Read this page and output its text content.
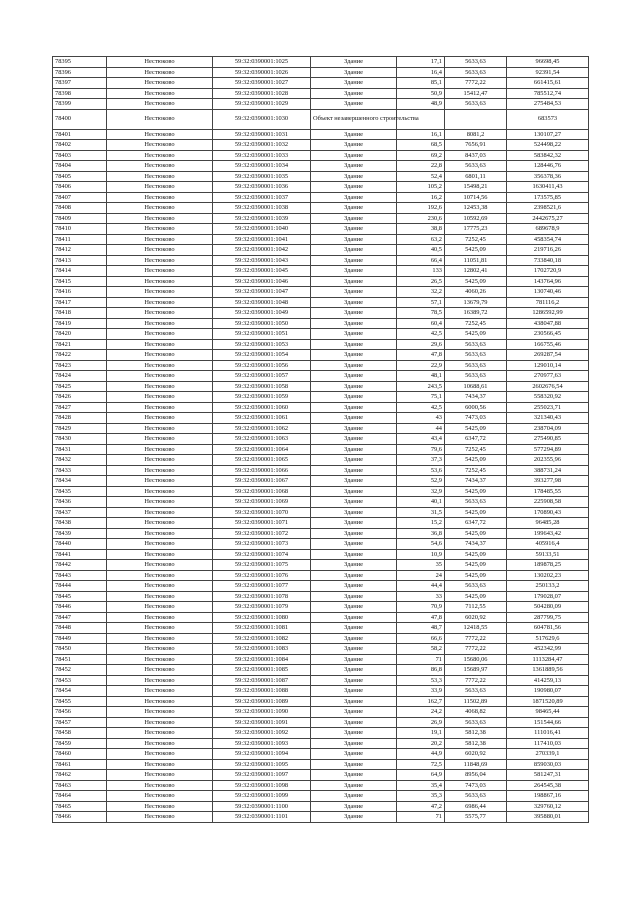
78395	Нестюково	59:32:0390001:1025	Здание	17,1	5633,63	96698,45
78396	Нестюково	59:32:0390001:1026	Здание	16,4	5633,63	92391,54
78397	Нестюково	59:32:0390001:1027	Здание	85,1	7772,22	661415,61
78398	Нестюково	59:32:0390001:1028	Здание	50,9	15412,47	785512,74
78399	Нестюково	59:32:0390001:1029	Здание	48,9	5633,63	275484,53
78400	Нестюково	59:32:0390001:1030	Объект незавершенного строительства			683573
78401	Нестюково	59:32:0390001:1031	Здание	16,1	8081,2	130107,27
78402	Нестюково	59:32:0390001:1032	Здание	68,5	7656,91	524498,22
78403	Нестюково	59:32:0390001:1033	Здание	69,2	8437,03	583842,32
78404	Нестюково	59:32:0390001:1034	Здание	22,8	5633,63	128446,76
78405	Нестюково	59:32:0390001:1035	Здание	52,4	6801,11	356378,36
78406	Нестюково	59:32:0390001:1036	Здание	105,2	15498,21	1630411,43
78407	Нестюково	59:32:0390001:1037	Здание	16,2	10714,56	173575,85
78408	Нестюково	59:32:0390001:1038	Здание	192,6	12453,38	2398521,6
78409	Нестюково	59:32:0390001:1039	Здание	230,6	10592,69	2442675,27
78410	Нестюково	59:32:0390001:1040	Здание	38,8	17775,23	689678,9
78411	Нестюково	59:32:0390001:1041	Здание	63,2	7252,45	458354,74
78412	Нестюково	59:32:0390001:1042	Здание	40,5	5425,09	219716,26
78413	Нестюково	59:32:0390001:1043	Здание	66,4	11051,81	733840,18
78414	Нестюково	59:32:0390001:1045	Здание	133	12802,41	1702720,9
78415	Нестюково	59:32:0390001:1046	Здание	26,5	5425,09	143764,96
78416	Нестюково	59:32:0390001:1047	Здание	32,2	4060,26	130740,46
78417	Нестюково	59:32:0390001:1048	Здание	57,1	13679,79	781116,2
78418	Нестюково	59:32:0390001:1049	Здание	78,5	16389,72	1286592,99
78419	Нестюково	59:32:0390001:1050	Здание	60,4	7252,45	438047,88
78420	Нестюково	59:32:0390001:1051	Здание	42,5	5425,09	230566,45
78421	Нестюково	59:32:0390001:1053	Здание	29,6	5633,63	166755,46
78422	Нестюково	59:32:0390001:1054	Здание	47,8	5633,63	269287,54
78423	Нестюково	59:32:0390001:1056	Здание	22,9	5633,63	129010,14
78424	Нестюково	59:32:0390001:1057	Здание	48,1	5633,63	270977,63
78425	Нестюково	59:32:0390001:1058	Здание	243,5	10688,61	2602676,54
78426	Нестюково	59:32:0390001:1059	Здание	75,1	7434,37	558320,92
78427	Нестюково	59:32:0390001:1060	Здание	42,5	6000,56	255023,71
78428	Нестюково	59:32:0390001:1061	Здание	43	7473,03	321340,43
78429	Нестюково	59:32:0390001:1062	Здание	44	5425,09	238704,09
78430	Нестюково	59:32:0390001:1063	Здание	43,4	6347,72	275490,85
78431	Нестюково	59:32:0390001:1064	Здание	79,6	7252,45	577294,89
78432	Нестюково	59:32:0390001:1065	Здание	37,3	5425,09	202355,96
78433	Нестюково	59:32:0390001:1066	Здание	53,6	7252,45	388731,24
78434	Нестюково	59:32:0390001:1067	Здание	52,9	7434,37	393277,98
78435	Нестюково	59:32:0390001:1068	Здание	32,9	5425,09	178485,55
78436	Нестюково	59:32:0390001:1069	Здание	40,1	5633,63	225908,58
78437	Нестюково	59:32:0390001:1070	Здание	31,5	5425,09	170890,43
78438	Нестюково	59:32:0390001:1071	Здание	15,2	6347,72	96485,28
78439	Нестюково	59:32:0390001:1072	Здание	36,8	5425,09	199643,42
78440	Нестюково	59:32:0390001:1073	Здание	54,6	7434,37	405916,4
78441	Нестюково	59:32:0390001:1074	Здание	10,9	5425,09	59133,51
78442	Нестюково	59:32:0390001:1075	Здание	35	5425,09	189878,25
78443	Нестюково	59:32:0390001:1076	Здание	24	5425,09	130202,23
78444	Нестюково	59:32:0390001:1077	Здание	44,4	5633,63	250133,2
78445	Нестюково	59:32:0390001:1078	Здание	33	5425,09	179028,07
78446	Нестюково	59:32:0390001:1079	Здание	70,9	7112,55	504280,09
78447	Нестюково	59:32:0390001:1080	Здание	47,8	6020,92	287799,75
78448	Нестюково	59:32:0390001:1081	Здание	48,7	12418,55	604781,56
78449	Нестюково	59:32:0390001:1082	Здание	66,6	7772,22	517629,6
78450	Нестюково	59:32:0390001:1083	Здание	58,2	7772,22	452342,99
78451	Нестюково	59:32:0390001:1084	Здание	71	15680,06	1113284,47
78452	Нестюково	59:32:0390001:1085	Здание	86,8	15689,97	1361889,56
78453	Нестюково	59:32:0390001:1087	Здание	53,3	7772,22	414259,13
78454	Нестюково	59:32:0390001:1088	Здание	33,9	5633,63	190980,07
78455	Нестюково	59:32:0390001:1089	Здание	162,7	11502,89	1871520,89
78456	Нестюково	59:32:0390001:1090	Здание	24,2	4068,82	98465,44
78457	Нестюково	59:32:0390001:1091	Здание	26,9	5633,63	151544,66
78458	Нестюково	59:32:0390001:1092	Здание	19,1	5812,38	111016,41
78459	Нестюково	59:32:0390001:1093	Здание	20,2	5812,38	117410,03
78460	Нестюково	59:32:0390001:1094	Здание	44,9	6020,92	270339,1
78461	Нестюково	59:32:0390001:1095	Здание	72,5	11848,69	859030,03
78462	Нестюково	59:32:0390001:1097	Здание	64,9	8956,04	581247,31
78463	Нестюково	59:32:0390001:1098	Здание	35,4	7473,03	264545,38
78464	Нестюково	59:32:0390001:1099	Здание	35,3	5633,63	198867,16
78465	Нестюково	59:32:0390001:1100	Здание	47,2	6986,44	329760,12
78466	Нестюково	59:32:0390001:1101	Здание	71	5575,77	395880,01
